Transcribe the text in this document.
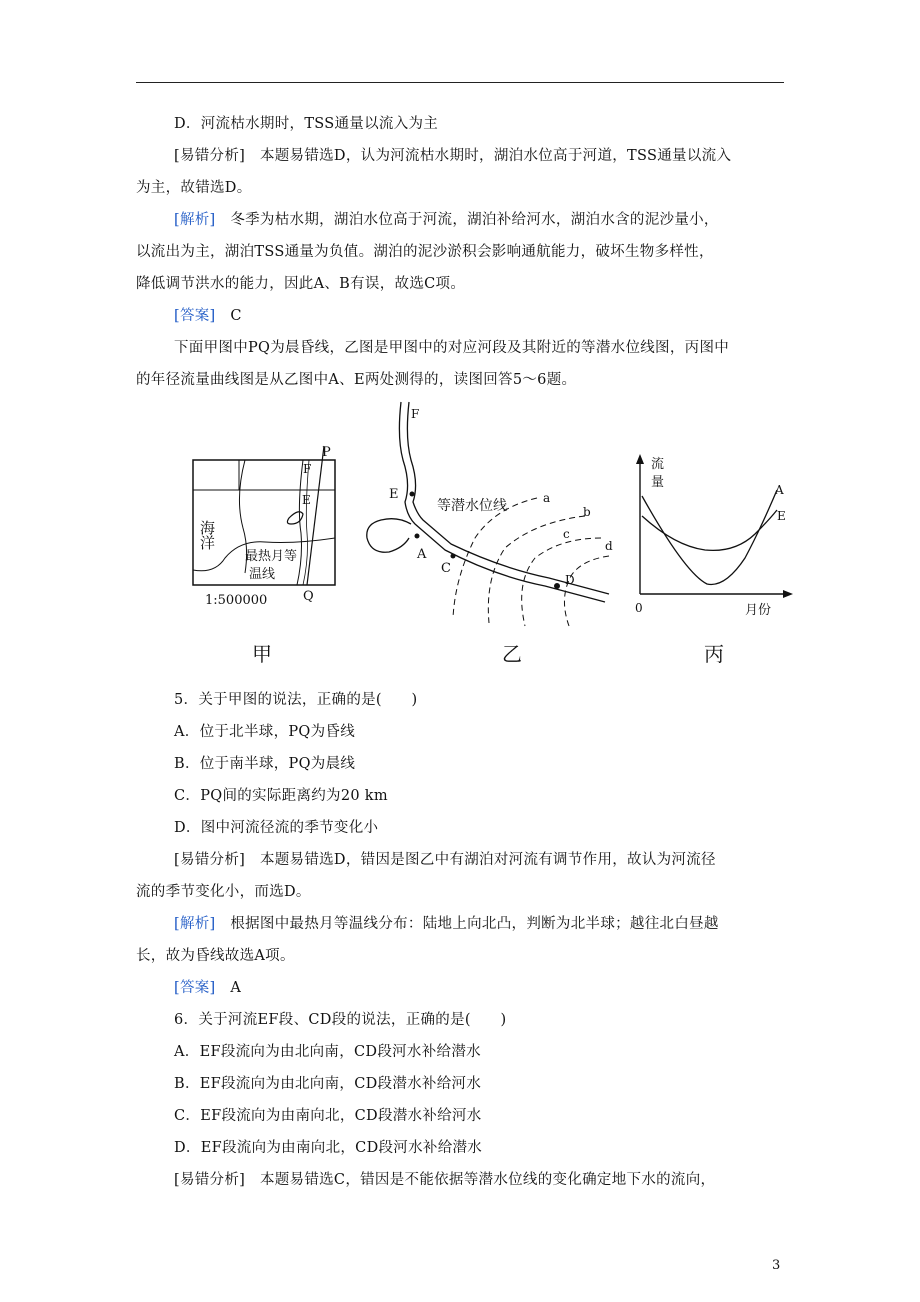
D．河流枯水期时，TSS通量以流入为主
[易错分析]　 本题易错选D，认为河流枯水期时，湖泊水位高于河道，TSS通量以流入
为主，故错选D。
[解析]　 冬季为枯水期，湖泊水位高于河流，湖泊补给河水，湖泊水含的泥沙量小，
以流出为主，湖泊TSS通量为负值。湖泊的泥沙淤积会影响通航能力，破坏生物多样性，
降低调节洪水的能力，因此A、B有误，故选C项。
[答案]　 C
下面甲图中PQ为晨昏线，乙图是甲图中的对应河段及其附近的等潜水位线图，丙图中
的年径流量曲线图是从乙图中A、E两处测得的，读图回答5～6题。
P
F
E
海洋
最热月等
温线
Q
1:500000
F
E
A
C
D
等潜水位线	a
b
c
d
流
量
0	月份
A
E
甲	乙	丙
5．关于甲图的说法，正确的是(　　)
A．位于北半球，PQ为昏线
B．位于南半球，PQ为晨线
C．PQ间的实际距离约为20 km
D．图中河流径流的季节变化小
[易错分析]　 本题易错选D，错因是图乙中有湖泊对河流有调节作用，故认为河流径
流的季节变化小，而选D。
[解析]　 根据图中最热月等温线分布：陆地上向北凸，判断为北半球；越往北白昼越
长，故为昏线故选A项。
[答案]　 A
6．关于河流EF段、CD段的说法，正确的是(　　)
A．EF段流向为由北向南，CD段河水补给潜水
B．EF段流向为由北向南，CD段潜水补给河水
C．EF段流向为由南向北，CD段潜水补给河水
D．EF段流向为由南向北，CD段河水补给潜水
[易错分析]　 本题易错选C，错因是不能依据等潜水位线的变化确定地下水的流向，
3
